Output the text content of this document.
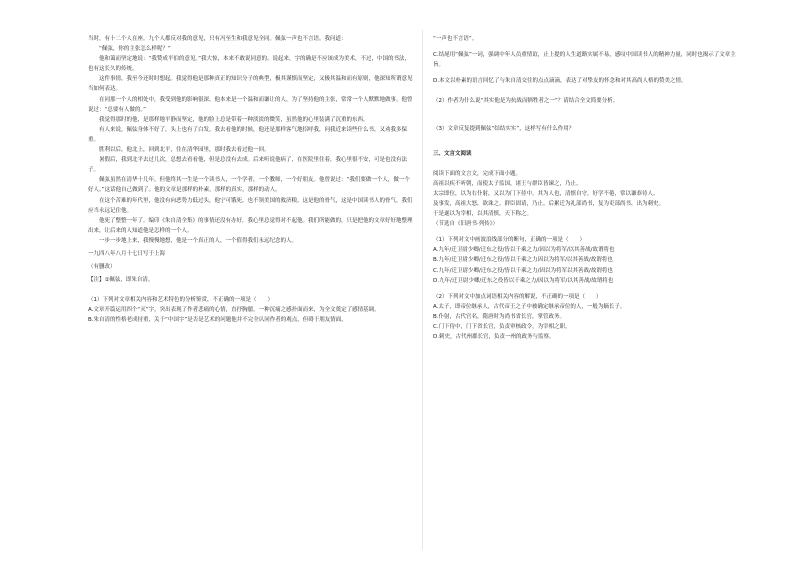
当时，有十二个人在座。九个人都反对我的意见，只有冯至生和我意见全同。佩弦一声也不言语。我问道：

“佩弦，你的主张怎么样呢？”

他和蔼而坚定地说：“我赞成平伯的意见。”我大惊，本来不敢说同意的。说起来，字的确是不应该成为美术，不过，中国的书法，也有这长久的传统。

这件事情，我至今还时时想起。我觉得他是那种真正的知识分子的典型，极其谨慎而坚定，又极其温和而有原则，他深知所谓意见当如何表达。

在同那一个人的相处中，我受到他的影响很深。他本来是一个温和而谦让的人，为了坚持他的主张，常常一个人默默地做事。他曾说过：“总要有人做的。”

我觉得那时的他，是那样地平静而坚定，他的脸上总是带着一种淡淡的微笑，虽然他的心里装满了沉重的东西。

有人来说，佩弦身体不好了，头上也有了白发。我去看他的时候，他还是那样客气地招呼我，问我近来读些什么书，又劝我多保重。

胜利以后，他北上，回到北平，住在清华园里，那时我去看过他一回。

暑假后，我到北平去过几次，总想去看看他，但是总没有去成。后来听说他病了，在医院里住着，我心里很不安，可是也没有法子。

佩弦虽然在清华十几年，但他终其一生是一个读书人，一个学者，一个教师，一个好朋友。他曾说过：“我们要做一个人，做一个好人。”这话他自己做到了。他的文章是那样的朴素，那样的真实，那样的动人。

在这个苦难的年代里，他没有向恶势力低过头，他宁可饿死，也不领美国的救济粮。这是他的骨气，这是中国读书人的骨气。我们应当永远记住他。

他死了整整一年了。编印《朱自清全集》的事情还没有办好，我心里总觉得对不起他。我们所能做的，只是把他的文章好好地整理出来，让后来的人知道他是怎样的一个人。

一步一步地上来，我慢慢地想，他是一个真正的人，一个值得我们永远纪念的人。

一九四八年八月十七日写于上海

（有删改）

【注】①佩弦，即朱自清。

（1）下列对文章相关内容和艺术特色的分析鉴赏，不正确的一项是（　　）

A.文章开篇运用四个“灭”字，突出表现了作者悲痛的心情，直抒胸臆，一种沉痛之感扑面而来，为全文奠定了感情基调。

B.朱自清的性格老成持重，关于“中国字”是否是艺术的问题他并不完全认同作者的观点，但碍于朋友情面，

“一声也不言语”。

C.结尾用“佩弦”一词，强调中年人员重情谊，止上提的人生道路实属不易，感叹中国读书人的精神力量，同时也揭示了文章主旨。

D.本文以朴素的语言回忆了与朱自清交往的点点滴滴，表达了对挚友的怀念和对其高尚人格的赞美之情。

（2）作者为什么说“其实他是为抗战而牺牲者之一”？请结合全文简要分析。

（3）文章反复提到佩弦“结结实实”，这样写有什么作用？

三、文言文阅读

阅读下面的文言文，完成下面小题。

高祖以疾不听朝，而使太子监国，诸王与群臣皆谏之，乃止。

太宗即位，以为右仆射，又以为门下侍中。其为人也，清慎自守，好学不倦，常以谦恭待人。

及事发，高祖大怒，欲诛之。群臣固请，乃止。后累迁为礼部尚书，复为吏部尚书，出为刺史。

于是遂以为宰相，以其清慎，天下称之。

（节选自《旧唐书·列传》）

（1）下列对文中画波浪线部分的断句，正确的一项是（　　）

A.九年/迁卫尉少卿/迁东之役/皆以千乘之力/因以为将军/以其善战/故谓将也

B.九年/迁卫尉少卿/迁东之役/皆以千乘之力因以为将军/以其善战/故谓将也

C.九年/迁卫尉少卿/迁东之役/皆以千乘之力/因以为将军以其善战/故谓将也

D.九年/迁卫尉少卿/迁东之役皆以千乘之力/因以为将军/以其善战/故谓将也

（2）下列对文中加点词语相关内容的解说，不正确的一项是（　　）

A.太子，即帝位继承人，古代帝王之子中被确定继承帝位的人，一般为嫡长子。

B.仆射，古代官名，隋唐时为尚书省长官，掌管政务。

C.门下侍中，门下省长官，负责审核政令，为宰相之职。

D.刺史，古代州郡长官，负责一州的政务与监察。
